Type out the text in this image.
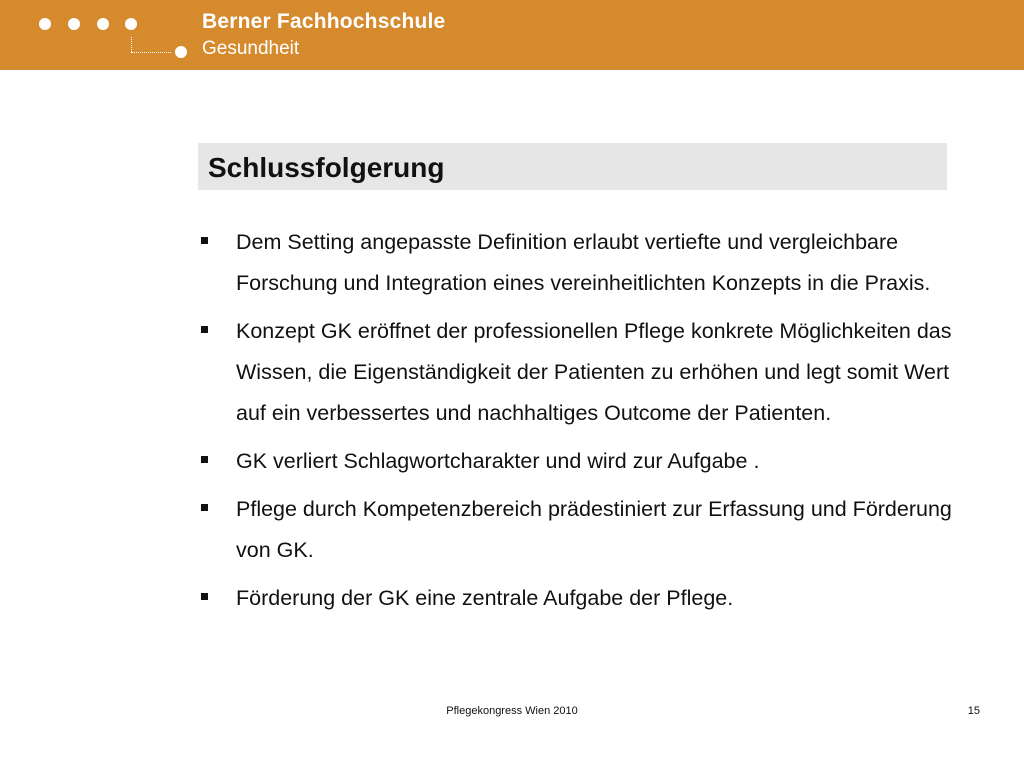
Berner Fachhochschule
Gesundheit
Schlussfolgerung
Dem Setting angepasste Definition erlaubt vertiefte und vergleichbare Forschung und Integration eines vereinheitlichten Konzepts in die Praxis.
Konzept GK eröffnet der professionellen Pflege konkrete Möglichkeiten das Wissen, die Eigenständigkeit der Patienten zu erhöhen und legt somit Wert auf ein verbessertes und nachhaltiges Outcome der Patienten.
GK verliert Schlagwortcharakter und wird zur Aufgabe .
Pflege durch Kompetenzbereich prädestiniert zur Erfassung und Förderung von GK.
Förderung der GK eine zentrale Aufgabe der Pflege.
Pflegekongress Wien 2010	15
